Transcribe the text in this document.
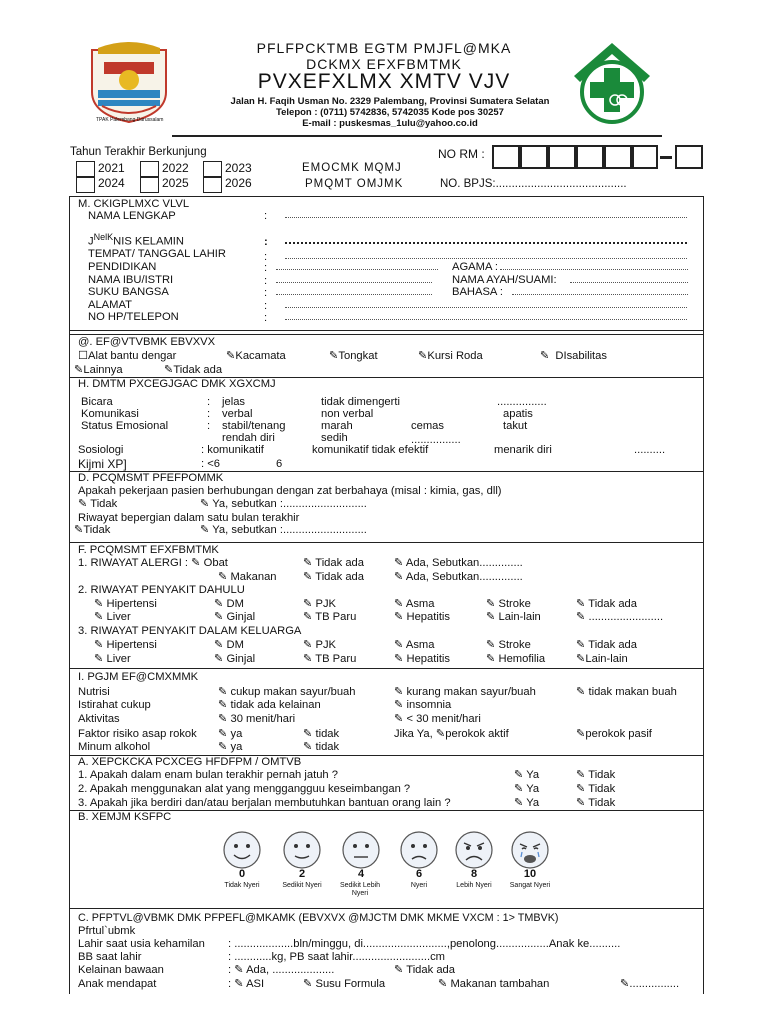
TPAK Palembang Darussalam
PFLFPCKTMB EGTM PMJFL@MKA
DCKMX EFXFBMTMK
PVXEFXLMX XMTV VJV
Jalan H. Faqih Usman No. 2329 Palembang, Provinsi Sumatera Selatan
Telepon : (0711) 5742836, 5742035 Kode pos 30257
E-mail : puskesmas_1ulu@yahoo.co.id
Tahun Terakhir Berkunjung
2021	2022	2023
2024	2025	2026
EMOCMK MQMJ
PMQMT OMJMK
NO RM :
NO. BPJS:.........................................
M. CKIGPLMXC VLVL
NAMA LENGKAP	:
$J^{NelK}NIS$ KELAMIN	:
TEMPAT/ TANGGAL LAHIR	:
PENDIDIKAN	:	AGAMA :
NAMA IBU/ISTRI	:	NAMA AYAH/SUAMI:
SUKU BANGSA	:	BAHASA :
ALAMAT	:
NO HP/TELEPON	:
@. EF@VTVBMK EBVXVX
☐Alat bantu dengar	✎Kacamata	✎Tongkat	✎Kursi Roda	✎ DIsabilitas
✎Lainnya	✎Tidak ada
H. DMTM PXCEGJGAC DMK XGXCMJ
Bicara	: jelas	tidak dimengerti	................
Komunikasi	: verbal	non verbal	apatis
Status Emosional	: stabil/tenang	marah	cemas	takut
rendah diri	sedih	................
Sosiologi	: komunikatif	komunikatif tidak efektif	menarik diri	..........
Kijmi XP]	: <6	6
D. PCQMSMT PFEFPOMMK
Apakah pekerjaan pasien berhubungan dengan zat berbahaya (misal : kimia, gas, dll)
✎ Tidak	✎ Ya, sebutkan :...........................
Riwayat bepergian dalam satu bulan terakhir
✎Tidak	✎ Ya, sebutkan :...........................
F. PCQMSMT EFXFBMTMK
1. RIWAYAT ALERGI : ✎ Obat	✎ Tidak ada	✎ Ada, Sebutkan..............
✎ Makanan ✎ Tidak ada	✎ Ada, Sebutkan..............
2. RIWAYAT PENYAKIT DAHULU
✎ Hipertensi	✎ DM	✎ PJK	✎ Asma	✎ Stroke	✎ Tidak ada
✎ Liver	✎ Ginjal	✎ TB Paru	✎ Hepatitis	✎ Lain-lain	✎ ........................
3. RIWAYAT PENYAKIT DALAM KELUARGA
✎ Hipertensi	✎ DM	✎ PJK	✎ Asma	✎ Stroke	✎ Tidak ada
✎ Liver	✎ Ginjal	✎ TB Paru	✎ Hepatitis	✎ Hemofilia	✎Lain-lain
I. PGJM EF@CMXMMK
Nutrisi	✎ cukup makan sayur/buah	✎ kurang makan sayur/buah	✎ tidak makan buah
Istirahat cukup	✎ tidak ada kelainan	✎ insomnia
Aktivitas	✎ 30 menit/hari	✎ < 30 menit/hari
Faktor risiko asap rokok ✎ ya	✎ tidak	Jika Ya, ✎perokok aktif	✎perokok pasif
Minum alkohol	✎ ya	✎ tidak
A. XEPCKCKA PCXCEG HFDFPM / OMTVB
1. Apakah dalam enam bulan terakhir pernah jatuh ?	✎ Ya	✎ Tidak
2. Apakah menggunakan alat yang menggangguu keseimbangan ?	✎ Ya	✎ Tidak
3. Apakah jika berdiri dan/atau berjalan membutuhkan bantuan orang lain ?	✎ Ya	✎ Tidak
B. XEMJM KSFPC
0	2	4	6	8	10
Tidak Nyeri	Sedikit Nyeri	Sedikit Lebih Nyeri
Nyeri	Lebih Nyeri	Sangat Nyeri
C. PFPTVL@VBMK DMK PFPEFL@MKAMK (EBVXVX @MJCTM DMK MKME VXCM : 1> TMBVK)
Pfrtul`ubmk
Lahir saat usia kehamilan : ...................bln/minggu, di...........................,penolong.................Anak ke..........
BB saat lahir	: ............kg, PB saat lahir.........................cm
Kelainan bawaan	: ✎ Ada, ....................	✎ Tidak ada
Anak mendapat	: ✎ ASI	✎ Susu Formula	✎ Makanan tambahan	✎................
